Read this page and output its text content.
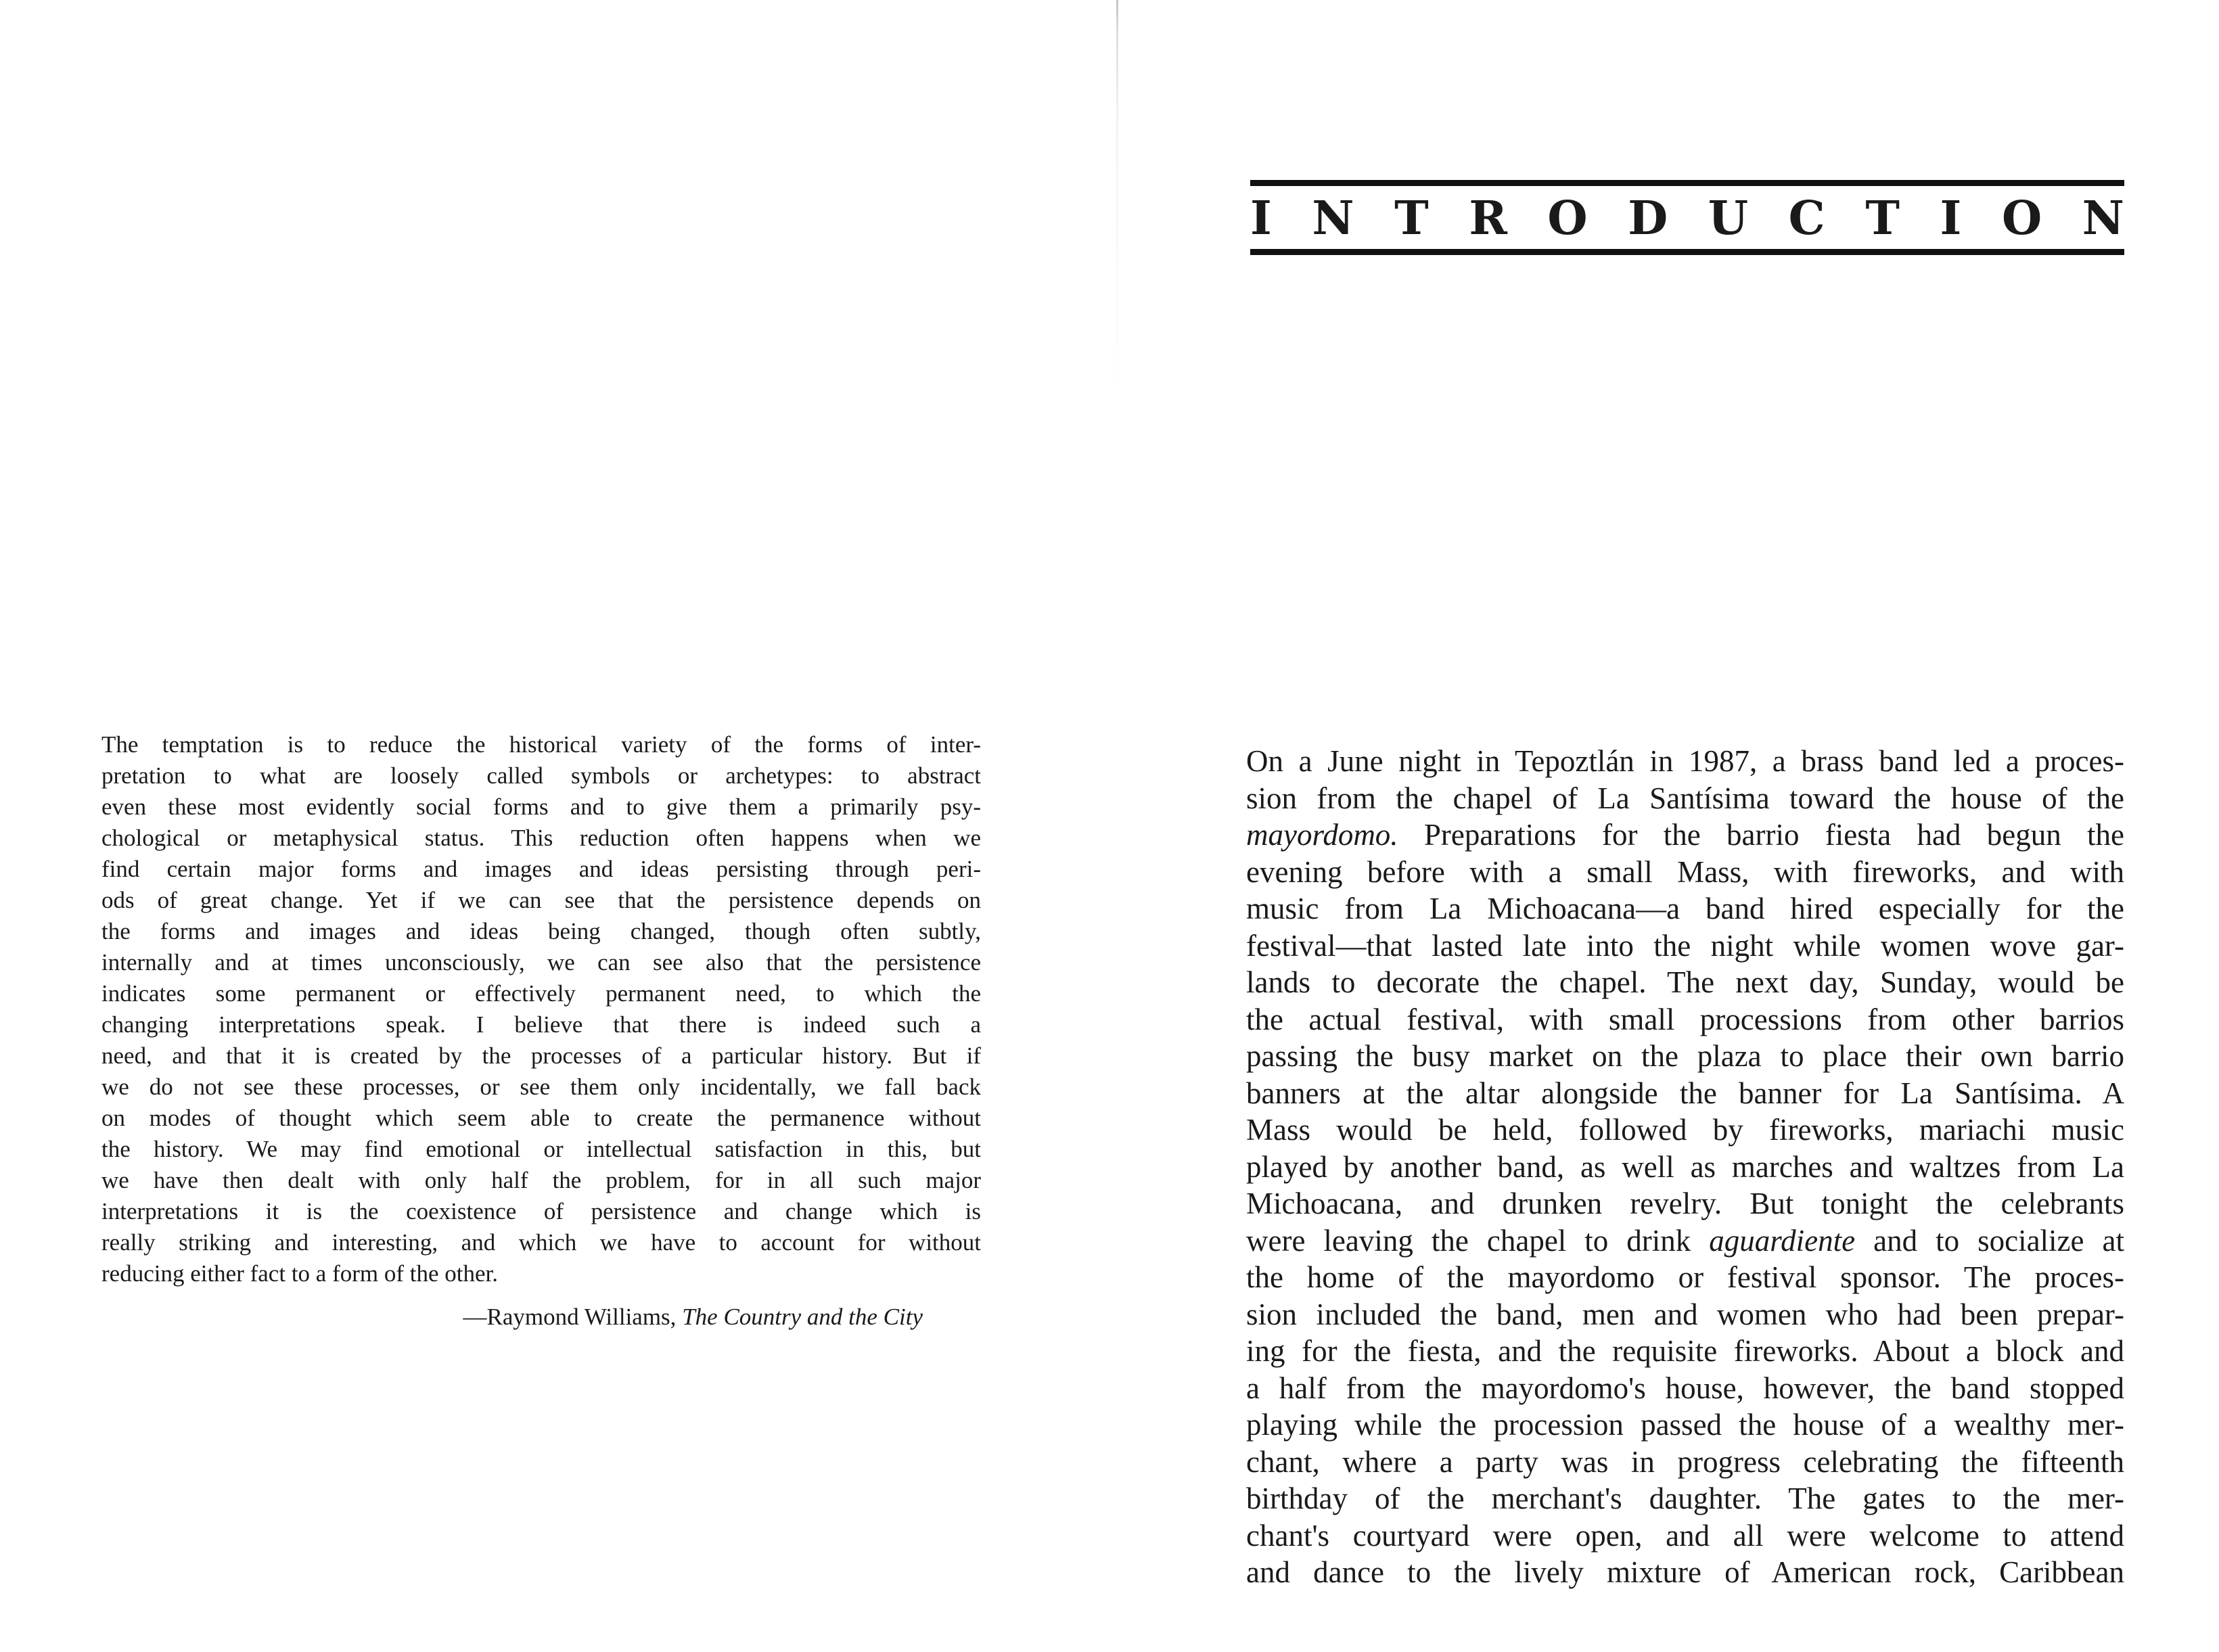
The temptation is to reduce the historical variety of the forms of inter-
pretation to what are loosely called symbols or archetypes: to abstract
even these most evidently social forms and to give them a primarily psy-
chological or metaphysical status. This reduction often happens when we
find certain major forms and images and ideas persisting through peri-
ods of great change. Yet if we can see that the persistence depends on
the forms and images and ideas being changed, though often subtly,
internally and at times unconsciously, we can see also that the persistence
indicates some permanent or effectively permanent need, to which the
changing interpretations speak. I believe that there is indeed such a
need, and that it is created by the processes of a particular history. But if
we do not see these processes, or see them only incidentally, we fall back
on modes of thought which seem able to create the permanence without
the history. We may find emotional or intellectual satisfaction in this, but
we have then dealt with only half the problem, for in all such major
interpretations it is the coexistence of persistence and change which is
really striking and interesting, and which we have to account for without
reducing either fact to a form of the other.
—Raymond Williams, The Country and the City
I N T R O D U C T I O N
On a June night in Tepoztlán in 1987, a brass band led a proces-
sion from the chapel of La Santísima toward the house of the
mayordomo. Preparations for the barrio fiesta had begun the
evening before with a small Mass, with fireworks, and with
music from La Michoacana—a band hired especially for the
festival—that lasted late into the night while women wove gar-
lands to decorate the chapel. The next day, Sunday, would be
the actual festival, with small processions from other barrios
passing the busy market on the plaza to place their own barrio
banners at the altar alongside the banner for La Santísima. A
Mass would be held, followed by fireworks, mariachi music
played by another band, as well as marches and waltzes from La
Michoacana, and drunken revelry. But tonight the celebrants
were leaving the chapel to drink aguardiente and to socialize at
the home of the mayordomo or festival sponsor. The proces-
sion included the band, men and women who had been prepar-
ing for the fiesta, and the requisite fireworks. About a block and
a half from the mayordomo's house, however, the band stopped
playing while the procession passed the house of a wealthy mer-
chant, where a party was in progress celebrating the fifteenth
birthday of the merchant's daughter. The gates to the mer-
chant's courtyard were open, and all were welcome to attend
and dance to the lively mixture of American rock, Caribbean
